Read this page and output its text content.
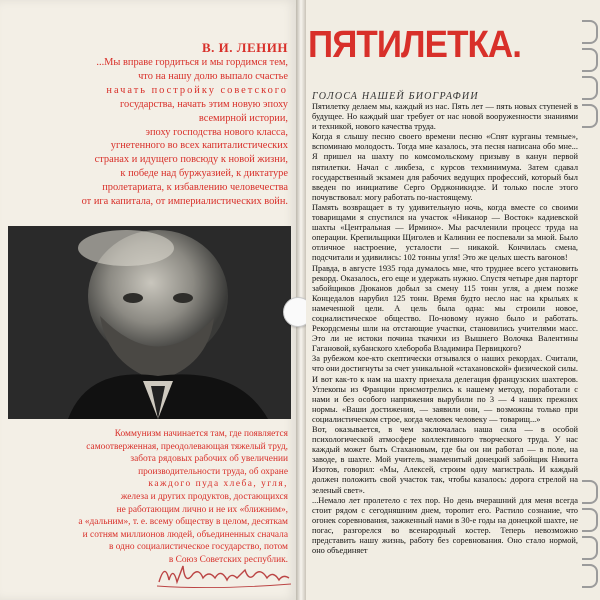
В. И. ЛЕНИН
...Мы вправе гордиться и мы гордимся тем,
что на нашу долю выпало счастье
начать постройку советского
государства, начать этим новую эпоху
всемирной истории,
эпоху господства нового класса,
угнетенного во всех капиталистических
странах и идущего повсюду к новой жизни,
к победе над буржуазией, к диктатуре
пролетариата, к избавлению человечества
от ига капитала, от империалистических войн.
Коммунизм начинается там, где появляется
самоотверженная, преодолевающая тяжелый труд,
забота рядовых рабочих об увеличении
производительности труда, об охране
каждого пуда хлеба, угля,
железа и других продуктов, достающихся
не работающим лично и не их «ближним»,
а «дальним», т. е. всему обществу в целом, десяткам
и сотням миллионов людей, объединенных сначала
в одно социалистическое государство, потом
в Союз Советских республик.
ПЯТИЛЕТКА.
ГОЛОСА НАШЕЙ БИОГРАФИИ

Пятилетку делаем мы, каждый из нас. Пять лет — пять новых ступеней в будущее. Но каждый шаг требует от нас новой вооруженности знаниями и техникой, нового качества труда.

Когда я слышу песню своего времени песню «Спят курганы темные», вспоминаю молодость. Тогда мне казалось, эта песня написана обо мне... Я пришел на шахту по комсомольскому призыву в канун первой пятилетки. Начал с ликбеза, с курсов техминимума. Затем сдавал государственный экзамен для рабочих ведущих профессий, который был введен по инициативе Серго Орджоникидзе. И только после этого почувствовал: могу работать по-настоящему.

Память возвращает в ту удивительную ночь, когда вместе со своими товарищами я спустился на участок «Никанор — Восток» кадиевской шахты «Центральная — Ирмино». Мы расчленили процесс труда на операции. Крепильщики Щиголев и Калинин ее поспевали за мной. Было отличное настроение, усталости — никакой. Кончилась смена, подсчитали и удивились: 102 тонны угля! Это же целых шесть вагонов!

Правда, в августе 1935 года думалось мне, что труднее всего установить рекорд. Оказалось, его еще и удержать нужно. Спустя четыре дня парторг забойщиков Дюканов добыл за смену 115 тонн угля, а днем позже Концедалов нарубил 125 тонн. Время будто несло нас на крыльях к намеченной цели. А цель была одна: мы строили новое, социалистическое общество. По-новому нужно было и работать. Рекордсмены шли на отстающие участки, становились учителями масс. Это ли не истоки почина ткачихи из Вышнего Волочка Валентины Гагановой, кубанского хлебороба Владимира Первицкого?

За рубежом кое-кто скептически отзывался о наших рекордах. Считали, что они достигнуты за счет уникальной «стахановской» физической силы. И вот как-то к нам на шахту приехала делегация французских шахтеров. Углекопы из Франции присмотрелись к нашему методу, поработали с нами и без особого напряжения вырубили по 3 — 4 наших прежних нормы. «Ваши достижения, — заявили они, — возможны только при социалистическом строе, когда человек человеку — товарищ...»

Вот, оказывается, в чем заключалась наша сила — в особой психологической атмосфере коллективного творческого труда. У нас каждый может быть Стахановым, где бы он ни работал — в поле, на заводе, в шахте. Мой учитель, знаменитый донецкий забойщик Никита Изотов, говорил: «Мы, Алексей, строим одну магистраль. И каждый должен положить свой участок так, чтобы казалось: дорога стрелой на зеленый свет».

...Немало лет пролетело с тех пор. Но день вчерашний для меня всегда стоит рядом с сегодняшним днем, торопит его. Растило сознание, что огонек соревнования, зажженный нами в 30-е годы на донецкой шахте, не погас, разгорелся во всенародный костер. Теперь невозможно представить нашу жизнь, работу без соревнования. Оно стало нормой, оно объединяет
